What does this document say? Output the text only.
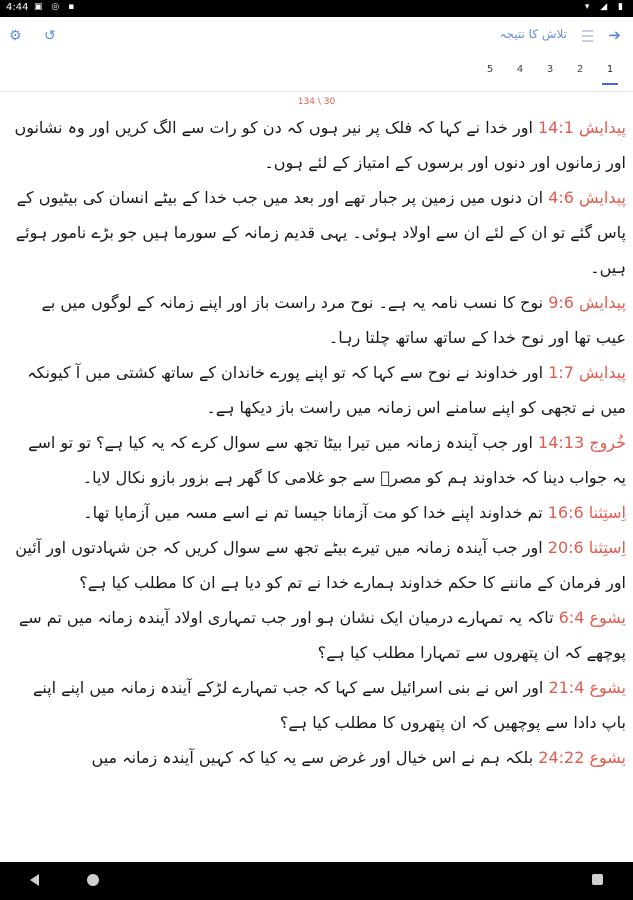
4:44 ▣ ◎ ▪	▾ ◢ ▮
⚙ ↺	تلاش کا نتیجہ	➔
1
2
3
4
5
134 \ 30

پیدایش 14:1 اور خدا نے کہا کہ فلک پر نیر ہوں کہ دن کو رات سے الگ کریں اور وہ نشانوں اور زمانوں اور دنوں اور برسوں کے امتیاز کے لئے ہوں۔

پیدایش 4:6 ان دنوں میں زمین پر جبار تھے اور بعد میں جب خدا کے بیٹے انسان کی بیٹیوں کے پاس گئے تو ان کے لئے ان سے اولاد ہوئی۔ یہی قدیم زمانہ کے سورما ہیں جو بڑے نامور ہوئے ہیں۔

پیدایش 9:6 نوح کا نسب نامہ یہ ہے۔ نوح مرد راست باز اور اپنے زمانہ کے لوگوں میں بے عیب تھا اور نوح خدا کے ساتھ ساتھ چلتا رہا۔

پیدایش 1:7 اور خداوند نے نوح سے کہا کہ تو اپنے پورے خاندان کے ساتھ کشتی میں آ کیونکہ میں نے تجھی کو اپنے سامنے اس زمانہ میں راست باز دیکھا ہے۔

خُروج 14:13 اور جب آیندہ زمانہ میں تیرا بیٹا تجھ سے سوال کرے کہ یہ کیا ہے؟ تو تو اسے یہ جواب دینا کہ خداوند ہم کو مصرؔ سے جو غلامی کا گھر ہے بزور بازو نکال لایا۔

اِستِثنا 16:6 تم خداوند اپنے خدا کو مت آزمانا جیسا تم نے اسے مسہ میں آزمایا تھا۔

اِستِثنا 20:6 اور جب آیندہ زمانہ میں تیرے بیٹے تجھ سے سوال کریں کہ جن شہادتوں اور آئین اور فرمان کے ماننے کا حکم خداوند ہمارے خدا نے تم کو دیا ہے ان کا مطلب کیا ہے؟

یشوع 6:4 تاکہ یہ تمہارے درمیان ایک نشان ہو اور جب تمہاری اولاد آیندہ زمانہ میں تم سے پوچھے کہ ان پتھروں سے تمہارا مطلب کیا ہے؟

یشوع 21:4 اور اس نے بنی اسرائیل سے کہا کہ جب تمہارے لڑکے آیندہ زمانہ میں اپنے اپنے باپ دادا سے پوچھیں کہ ان پتھروں کا مطلب کیا ہے؟

یشوع 24:22 بلکہ ہم نے اس خیال اور غرض سے یہ کیا کہ کہیں آیندہ زمانہ میں
